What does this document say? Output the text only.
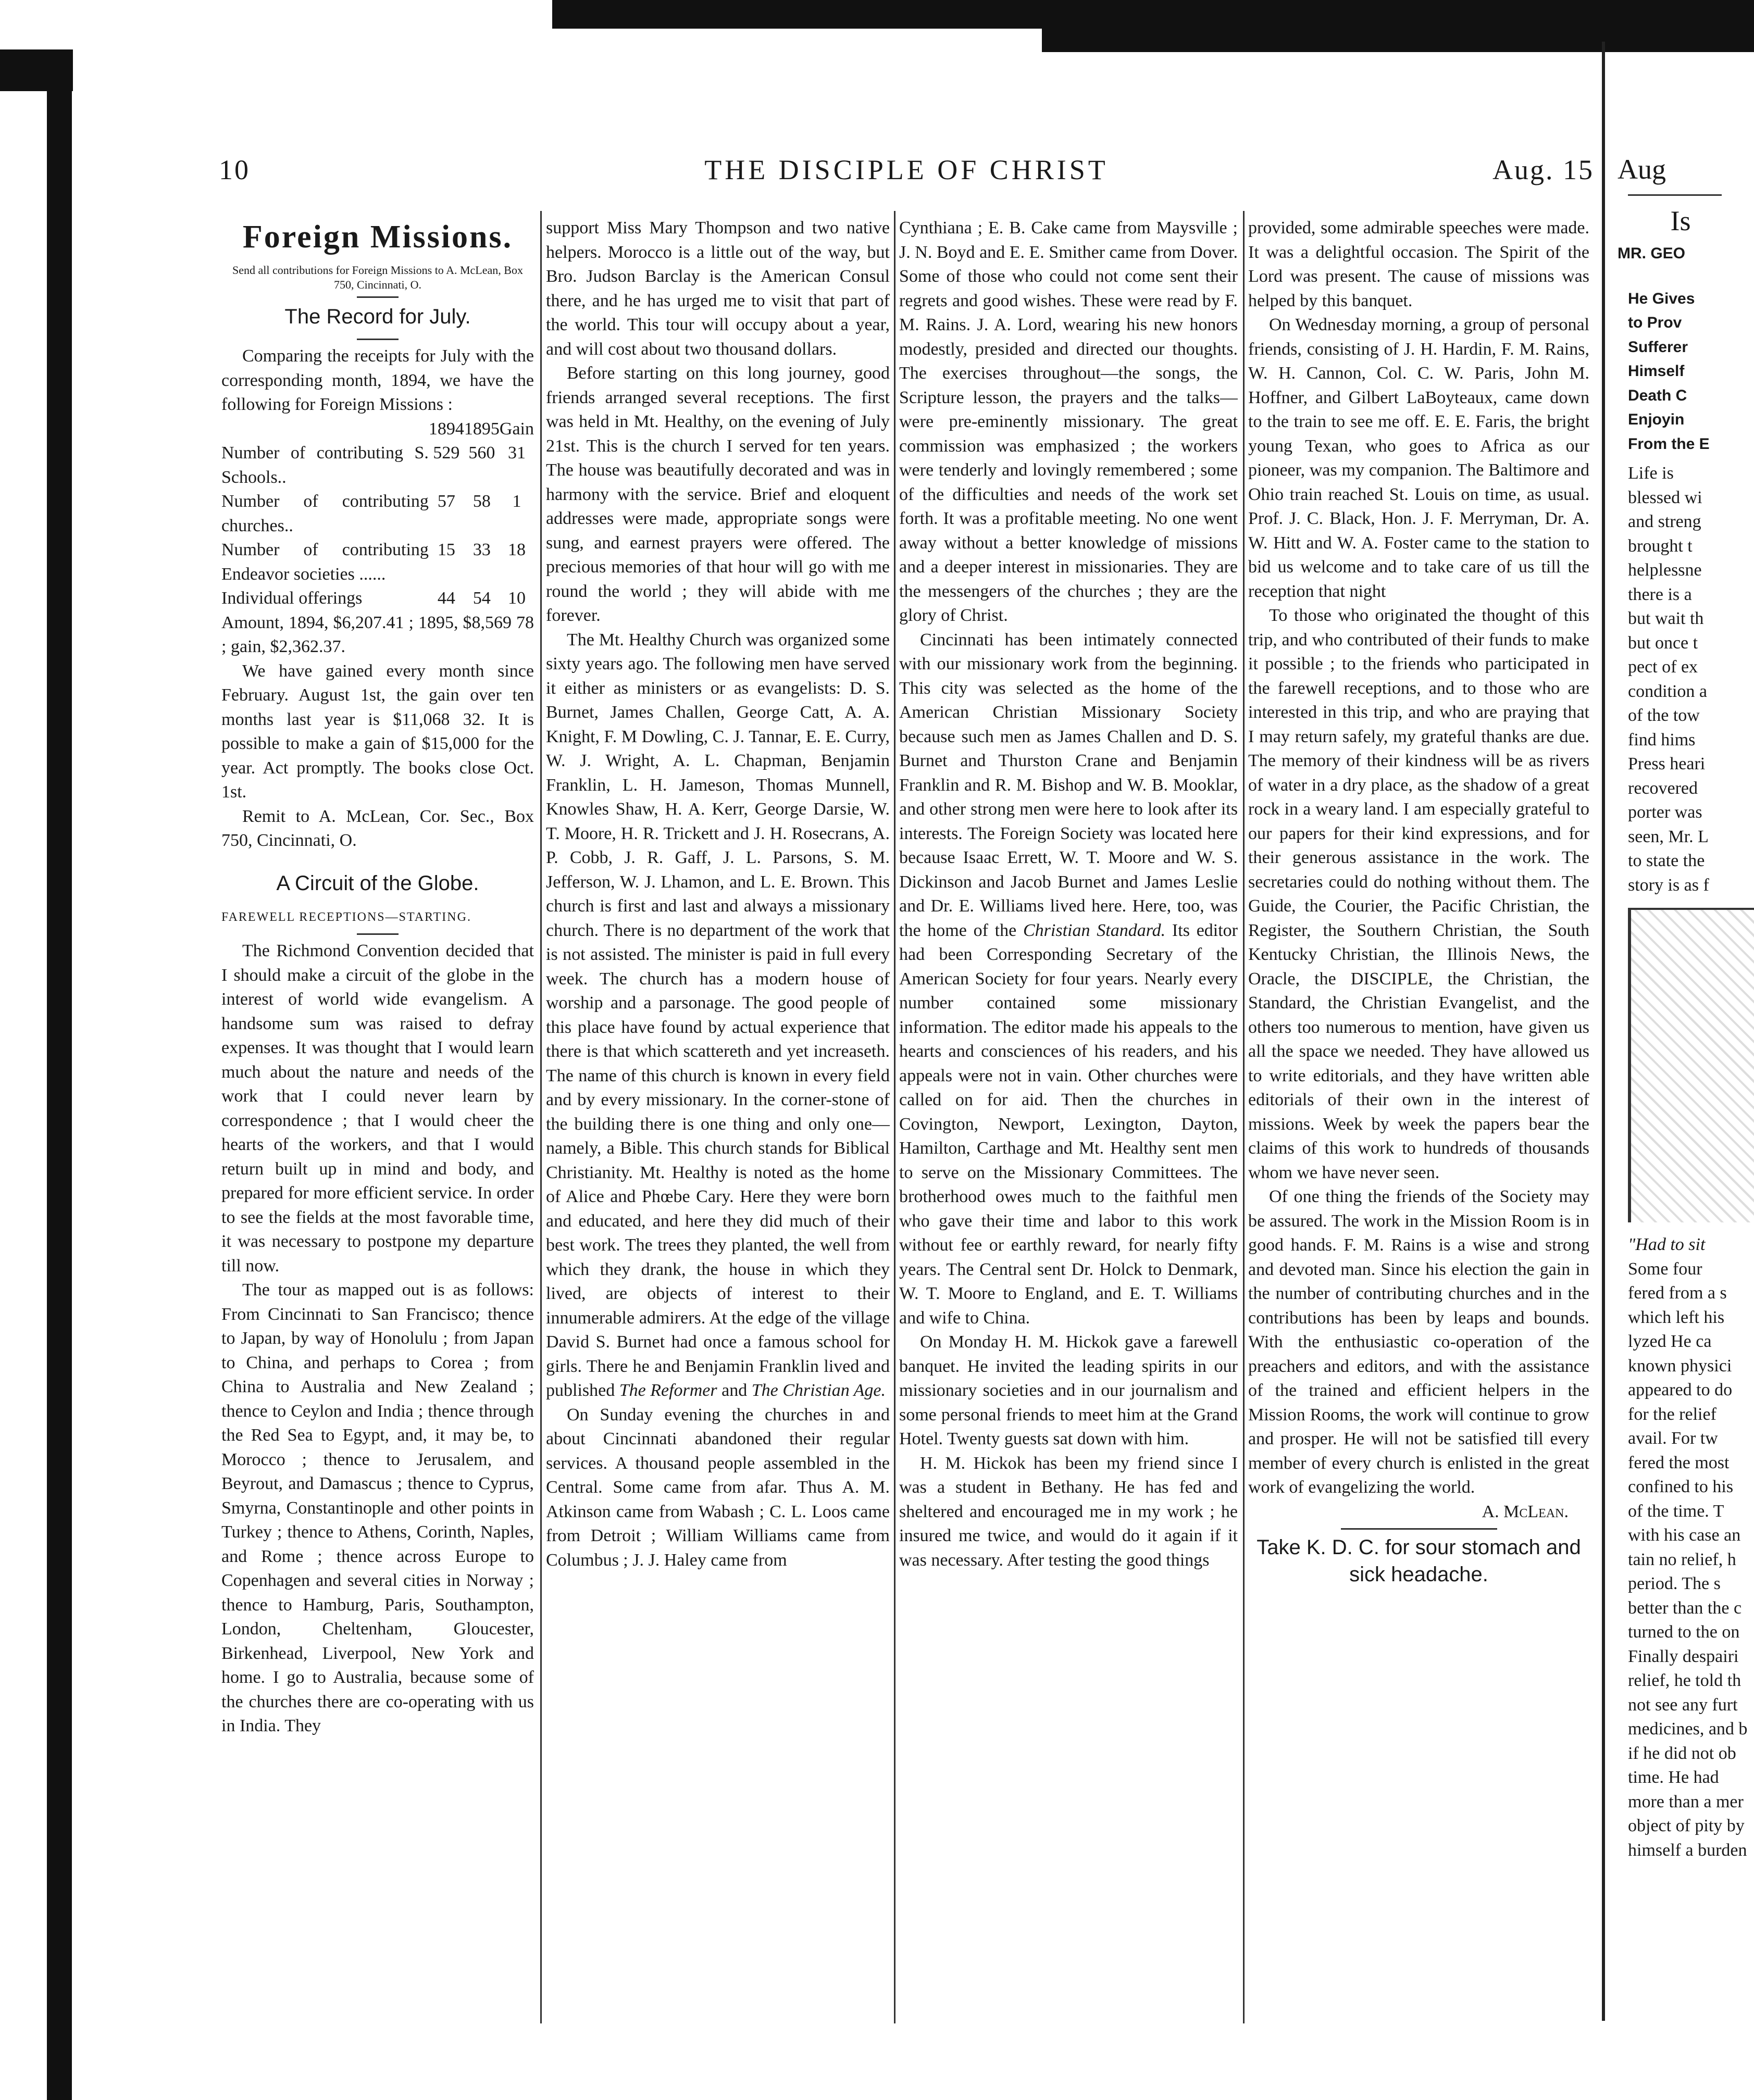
10	THE DISCIPLE OF CHRIST	Aug. 15
Foreign Missions.

Send all contributions for Foreign Missions to A. McLean, Box 750, Cincinnati, O.

The Record for July.

Comparing the receipts for July with the corresponding month, 1894, we have the following for Foreign Missions :

	1894	1895	Gain
Number of contributing S. Schools..	529	560	31
Number of contributing churches..	57	58	1
Number of contributing Endeavor societies ......	15	33	18
Individual offerings	44	54	10

Amount, 1894, $6,207.41 ; 1895, $8,569 78 ; gain, $2,362.37.

We have gained every month since February. August 1st, the gain over ten months last year is $11,068 32. It is possible to make a gain of $15,000 for the year. Act promptly. The books close Oct. 1st.

Remit to A. McLean, Cor. Sec., Box 750, Cincinnati, O.

A Circuit of the Globe.

FAREWELL RECEPTIONS—STARTING.

The Richmond Convention decided that I should make a circuit of the globe in the interest of world wide evangelism. A handsome sum was raised to defray expenses. It was thought that I would learn much about the nature and needs of the work that I could never learn by correspondence ; that I would cheer the hearts of the workers, and that I would return built up in mind and body, and prepared for more efficient service. In order to see the fields at the most favorable time, it was necessary to postpone my departure till now.

The tour as mapped out is as follows: From Cincinnati to San Francisco; thence to Japan, by way of Honolulu ; from Japan to China, and perhaps to Corea ; from China to Australia and New Zealand ; thence to Ceylon and India ; thence through the Red Sea to Egypt, and, it may be, to Morocco ; thence to Jerusalem, and Beyrout, and Damascus ; thence to Cyprus, Smyrna, Constantinople and other points in Turkey ; thence to Athens, Corinth, Naples, and Rome ; thence across Europe to Copenhagen and several cities in Norway ; thence to Hamburg, Paris, Southampton, London, Cheltenham, Gloucester, Birkenhead, Liverpool, New York and home. I go to Australia, because some of the churches there are co-operating with us in India. They

support Miss Mary Thompson and two native helpers. Morocco is a little out of the way, but Bro. Judson Barclay is the American Consul there, and he has urged me to visit that part of the world. This tour will occupy about a year, and will cost about two thousand dollars.

Before starting on this long journey, good friends arranged several receptions. The first was held in Mt. Healthy, on the evening of July 21st. This is the church I served for ten years. The house was beautifully decorated and was in harmony with the service. Brief and eloquent addresses were made, appropriate songs were sung, and earnest prayers were offered. The precious memories of that hour will go with me round the world ; they will abide with me forever.

The Mt. Healthy Church was organized some sixty years ago. The following men have served it either as ministers or as evangelists: D. S. Burnet, James Challen, George Catt, A. A. Knight, F. M Dowling, C. J. Tannar, E. E. Curry, W. J. Wright, A. L. Chapman, Benjamin Franklin, L. H. Jameson, Thomas Munnell, Knowles Shaw, H. A. Kerr, George Darsie, W. T. Moore, H. R. Trickett and J. H. Rosecrans, A. P. Cobb, J. R. Gaff, J. L. Parsons, S. M. Jefferson, W. J. Lhamon, and L. E. Brown. This church is first and last and always a missionary church. There is no department of the work that is not assisted. The minister is paid in full every week. The church has a modern house of worship and a parsonage. The good people of this place have found by actual experience that there is that which scattereth and yet increaseth. The name of this church is known in every field and by every missionary. In the corner-stone of the building there is one thing and only one—namely, a Bible. This church stands for Biblical Christianity. Mt. Healthy is noted as the home of Alice and Phœbe Cary. Here they were born and educated, and here they did much of their best work. The trees they planted, the well from which they drank, the house in which they lived, are objects of interest to their innumerable admirers. At the edge of the village David S. Burnet had once a famous school for girls. There he and Benjamin Franklin lived and published The Reformer and The Christian Age.

On Sunday evening the churches in and about Cincinnati abandoned their regular services. A thousand people assembled in the Central. Some came from afar. Thus A. M. Atkinson came from Wabash ; C. L. Loos came from Detroit ; William Williams came from Columbus ; J. J. Haley came from

Cynthiana ; E. B. Cake came from Maysville ; J. N. Boyd and E. E. Smither came from Dover. Some of those who could not come sent their regrets and good wishes. These were read by F. M. Rains. J. A. Lord, wearing his new honors modestly, presided and directed our thoughts. The exercises throughout—the songs, the Scripture lesson, the prayers and the talks—were pre-eminently missionary. The great commission was emphasized ; the workers were tenderly and lovingly remembered ; some of the difficulties and needs of the work set forth. It was a profitable meeting. No one went away without a better knowledge of missions and a deeper interest in missionaries. They are the messengers of the churches ; they are the glory of Christ.

Cincinnati has been intimately connected with our missionary work from the beginning. This city was selected as the home of the American Christian Missionary Society because such men as James Challen and D. S. Burnet and Thurston Crane and Benjamin Franklin and R. M. Bishop and W. B. Mooklar, and other strong men were here to look after its interests. The Foreign Society was located here because Isaac Errett, W. T. Moore and W. S. Dickinson and Jacob Burnet and James Leslie and Dr. E. Williams lived here. Here, too, was the home of the Christian Standard. Its editor had been Corresponding Secretary of the American Society for four years. Nearly every number contained some missionary information. The editor made his appeals to the hearts and consciences of his readers, and his appeals were not in vain. Other churches were called on for aid. Then the churches in Covington, Newport, Lexington, Dayton, Hamilton, Carthage and Mt. Healthy sent men to serve on the Missionary Committees. The brotherhood owes much to the faithful men who gave their time and labor to this work without fee or earthly reward, for nearly fifty years. The Central sent Dr. Holck to Denmark, W. T. Moore to England, and E. T. Williams and wife to China.

On Monday H. M. Hickok gave a farewell banquet. He invited the leading spirits in our missionary societies and in our journalism and some personal friends to meet him at the Grand Hotel. Twenty guests sat down with him.

H. M. Hickok has been my friend since I was a student in Bethany. He has fed and sheltered and encouraged me in my work ; he insured me twice, and would do it again if it was necessary. After testing the good things

provided, some admirable speeches were made. It was a delightful occasion. The Spirit of the Lord was present. The cause of missions was helped by this banquet.

On Wednesday morning, a group of personal friends, consisting of J. H. Hardin, F. M. Rains, W. H. Cannon, Col. C. W. Paris, John M. Hoffner, and Gilbert LaBoyteaux, came down to the train to see me off. E. E. Faris, the bright young Texan, who goes to Africa as our pioneer, was my companion. The Baltimore and Ohio train reached St. Louis on time, as usual. Prof. J. C. Black, Hon. J. F. Merryman, Dr. A. W. Hitt and W. A. Foster came to the station to bid us welcome and to take care of us till the reception that night

To those who originated the thought of this trip, and who contributed of their funds to make it possible ; to the friends who participated in the farewell receptions, and to those who are interested in this trip, and who are praying that I may return safely, my grateful thanks are due. The memory of their kindness will be as rivers of water in a dry place, as the shadow of a great rock in a weary land. I am especially grateful to our papers for their kind expressions, and for their generous assistance in the work. The secretaries could do nothing without them. The Guide, the Courier, the Pacific Christian, the Register, the Southern Christian, the South Kentucky Christian, the Illinois News, the Oracle, the DISCIPLE, the Christian, the Standard, the Christian Evangelist, and the others too numerous to mention, have given us all the space we needed. They have allowed us to write editorials, and they have written able editorials of their own in the interest of missions. Week by week the papers bear the claims of this work to hundreds of thousands whom we have never seen.

Of one thing the friends of the Society may be assured. The work in the Mission Room is in good hands. F. M. Rains is a wise and strong and devoted man. Since his election the gain in the number of contributing churches and in the contributions has been by leaps and bounds. With the enthusiastic co-operation of the preachers and editors, and with the assistance of the trained and efficient helpers in the Mission Rooms, the work will continue to grow and prosper. He will not be satisfied till every member of every church is enlisted in the great work of evangelizing the world.

A. McLean.

Take K. D. C. for sour stomach and sick headache.

Aug
Is
MR. GEO
He Gives
to Prov
Sufferer
Himself
Death C
Enjoyin
From the E
Life is
blessed wi
and streng
brought t
helplessne
there is a
but wait th
but once t
pect of ex
condition a
of the tow
find hims
Press heari
recovered
porter was
seen, Mr. L
to state the
story is as f
"Had to sit
Some four
fered from a s
which left his
lyzed He ca
known physici
appeared to do
for the relief
avail. For tw
fered the most
confined to his
of the time. T
with his case an
tain no relief, h
period. The s
better than the c
turned to the on
Finally despairi
relief, he told th
not see any furt
medicines, and b
if he did not ob
time. He had
more than a mer
object of pity by
himself a burden
